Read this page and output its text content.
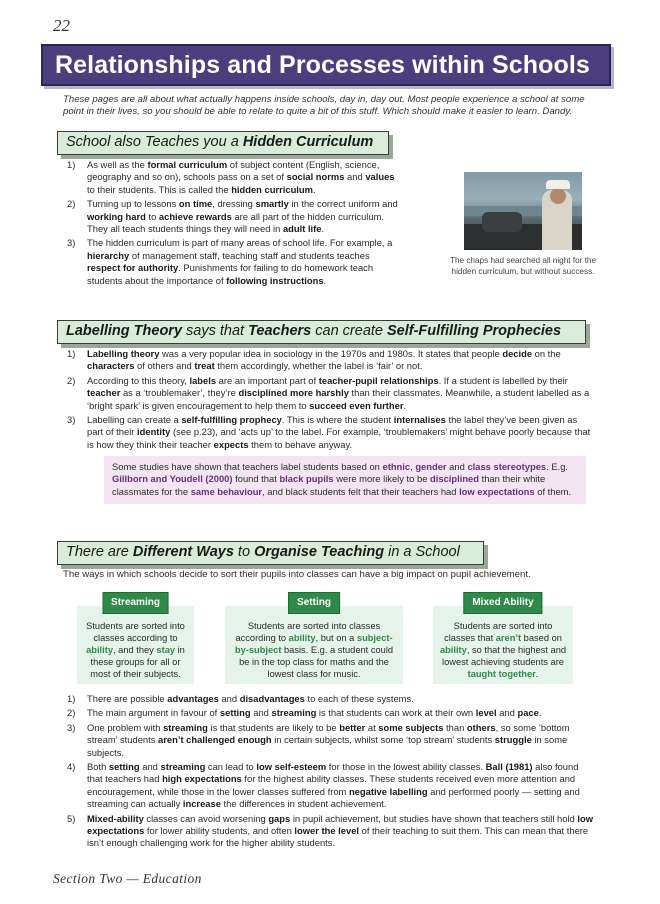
22
Relationships and Processes within Schools
These pages are all about what actually happens inside schools, day in, day out. Most people experience a school at some point in their lives, so you should be able to relate to quite a bit of this stuff. Which should make it easier to learn. Dandy.
School also Teaches you a Hidden Curriculum
1) As well as the formal curriculum of subject content (English, science, geography and so on), schools pass on a set of social norms and values to their students. This is called the hidden curriculum.
2) Turning up to lessons on time, dressing smartly in the correct uniform and working hard to achieve rewards are all part of the hidden curriculum. They all teach students things they will need in adult life.
3) The hidden curriculum is part of many areas of school life. For example, a hierarchy of management staff, teaching staff and students teaches respect for authority. Punishments for failing to do homework teach students about the importance of following instructions.
The chaps had searched all night for the hidden curriculum, but without success.
Labelling Theory says that Teachers can create Self-Fulfilling Prophecies
1) Labelling theory was a very popular idea in sociology in the 1970s and 1980s. It states that people decide on the characters of others and treat them accordingly, whether the label is ‘fair’ or not.
2) According to this theory, labels are an important part of teacher-pupil relationships. If a student is labelled by their teacher as a ‘troublemaker’, they’re disciplined more harshly than their classmates. Meanwhile, a student labelled as a ‘bright spark’ is given encouragement to help them to succeed even further.
3) Labelling can create a self-fulfilling prophecy. This is where the student internalises the label they’ve been given as part of their identity (see p.23), and ‘acts up’ to the label. For example, ‘troublemakers’ might behave poorly because that is how they think their teacher expects them to behave anyway.
Some studies have shown that teachers label students based on ethnic, gender and class stereotypes. E.g. Gillborn and Youdell (2000) found that black pupils were more likely to be disciplined than their white classmates for the same behaviour, and black students felt that their teachers had low expectations of them.
There are Different Ways to Organise Teaching in a School
The ways in which schools decide to sort their pupils into classes can have a big impact on pupil achievement.
Streaming
Students are sorted into classes according to ability, and they stay in these groups for all or most of their subjects.
Setting
Students are sorted into classes according to ability, but on a subject-by-subject basis. E.g. a student could be in the top class for maths and the lowest class for music.
Mixed Ability
Students are sorted into classes that aren’t based on ability, so that the highest and lowest achieving students are taught together.
1) There are possible advantages and disadvantages to each of these systems.
2) The main argument in favour of setting and streaming is that students can work at their own level and pace.
3) One problem with streaming is that students are likely to be better at some subjects than others, so some ‘bottom stream’ students aren’t challenged enough in certain subjects, whilst some ‘top stream’ students struggle in some subjects.
4) Both setting and streaming can lead to low self-esteem for those in the lowest ability classes. Ball (1981) also found that teachers had high expectations for the highest ability classes. These students received even more attention and encouragement, while those in the lower classes suffered from negative labelling and performed poorly — setting and streaming can actually increase the differences in student achievement.
5) Mixed-ability classes can avoid worsening gaps in pupil achievement, but studies have shown that teachers still hold low expectations for lower ability students, and often lower the level of their teaching to suit them. This can mean that there isn’t enough challenging work for the higher ability students.
Section Two — Education
